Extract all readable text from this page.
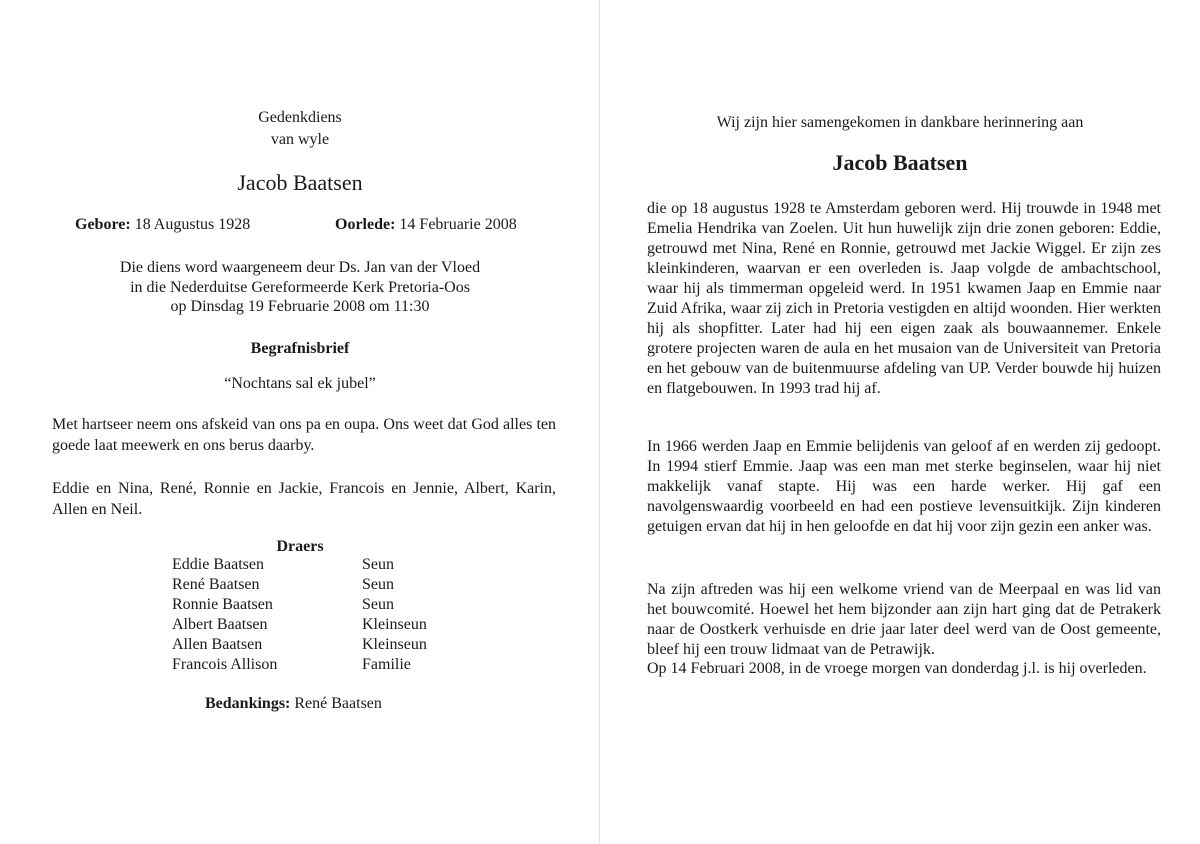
Gedenkdiens
van wyle
Jacob Baatsen
Gebore: 18 Augustus 1928	Oorlede: 14 Februarie 2008
Die diens word waargeneem deur Ds. Jan van der Vloed
in die Nederduitse Gereformeerde Kerk Pretoria-Oos
op Dinsdag 19 Februarie 2008 om 11:30
Begrafnisbrief
“Nochtans sal ek jubel”
Met hartseer neem ons afskeid van ons pa en oupa. Ons weet dat God alles ten goede laat meewerk en ons berus daarby.
Eddie en Nina, René, Ronnie en Jackie, Francois en Jennie, Albert, Karin, Allen en Neil.
Draers
Eddie Baatsen	Seun
René Baatsen	Seun
Ronnie Baatsen	Seun
Albert Baatsen	Kleinseun
Allen Baatsen	Kleinseun
Francois Allison	Familie
Bedankings: René Baatsen
Wij zijn hier samengekomen in dankbare herinnering aan
Jacob Baatsen
die op 18 augustus 1928 te Amsterdam geboren werd. Hij trouwde in 1948 met Emelia Hendrika van Zoelen. Uit hun huwelijk zijn drie zonen geboren: Eddie, getrouwd met Nina, René en Ronnie, getrouwd met Jackie Wiggel. Er zijn zes kleinkinderen, waarvan er een overleden is. Jaap volgde de ambachtschool, waar hij als timmerman opgeleid werd. In 1951 kwamen Jaap en Emmie naar Zuid Afrika, waar zij zich in Pretoria vestigden en altijd woonden. Hier werkten hij als shopfitter. Later had hij een eigen zaak als bouwaannemer. Enkele grotere projecten waren de aula en het musaion van de Universiteit van Pretoria en het gebouw van de buitenmuurse afdeling van UP. Verder bouwde hij huizen en flatgebouwen. In 1993 trad hij af.
In 1966 werden Jaap en Emmie belijdenis van geloof af en werden zij gedoopt. In 1994 stierf Emmie. Jaap was een man met sterke beginselen, waar hij niet makkelijk vanaf stapte. Hij was een harde werker. Hij gaf een navolgenswaardig voorbeeld en had een postieve levensuitkijk. Zijn kinderen getuigen ervan dat hij in hen geloofde en dat hij voor zijn gezin een anker was.
Na zijn aftreden was hij een welkome vriend van de Meerpaal en was lid van het bouwcomité. Hoewel het hem bijzonder aan zijn hart ging dat de Petrakerk naar de Oostkerk verhuisde en drie jaar later deel werd van de Oost gemeente, bleef hij een trouw lidmaat van de Petrawijk.
Op 14 Februari 2008, in de vroege morgen van donderdag j.l. is hij overleden.
